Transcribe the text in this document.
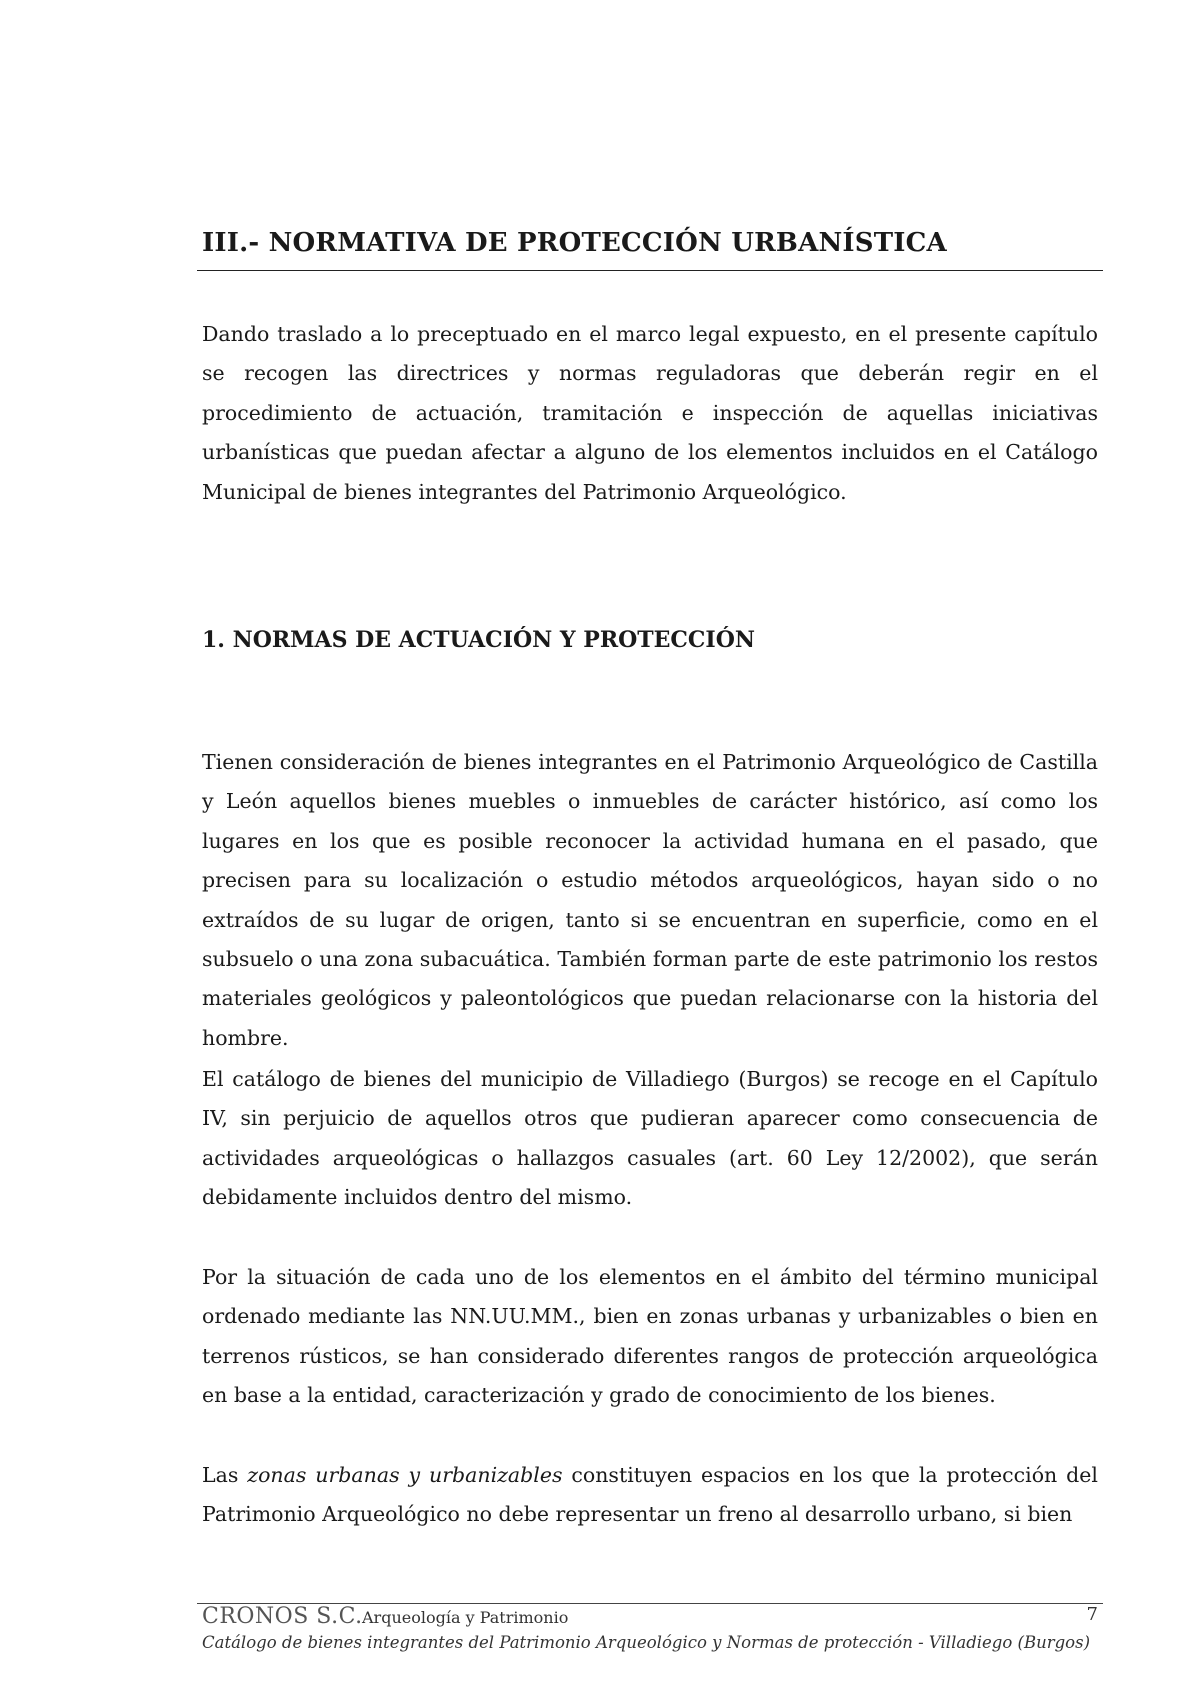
III.- NORMATIVA DE PROTECCIÓN URBANÍSTICA

Dando traslado a lo preceptuado en el marco legal expuesto, en el presente capítulo se recogen las directrices y normas reguladoras que deberán regir en el procedimiento de actuación, tramitación e inspección de aquellas iniciativas urbanísticas que puedan afectar a alguno de los elementos incluidos en el Catálogo Municipal de bienes integrantes del Patrimonio Arqueológico.

1. NORMAS DE ACTUACIÓN Y PROTECCIÓN

Tienen consideración de bienes integrantes en el Patrimonio Arqueológico de Castilla y León aquellos bienes muebles o inmuebles de carácter histórico, así como los lugares en los que es posible reconocer la actividad humana en el pasado, que precisen para su localización o estudio métodos arqueológicos, hayan sido o no extraídos de su lugar de origen, tanto si se encuentran en superficie, como en el subsuelo o una zona subacuática. También forman parte de este patrimonio los restos materiales geológicos y paleontológicos que puedan relacionarse con la historia del hombre.

El catálogo de bienes del municipio de Villadiego (Burgos) se recoge en el Capítulo IV, sin perjuicio de aquellos otros que pudieran aparecer como consecuencia de actividades arqueológicas o hallazgos casuales (art. 60 Ley 12/2002), que serán debidamente incluidos dentro del mismo.

Por la situación de cada uno de los elementos en el ámbito del término municipal ordenado mediante las NN.UU.MM., bien en zonas urbanas y urbanizables o bien en terrenos rústicos, se han considerado diferentes rangos de protección arqueológica en base a la entidad, caracterización y grado de conocimiento de los bienes.

Las zonas urbanas y urbanizables constituyen espacios en los que la protección del Patrimonio Arqueológico no debe representar un freno al desarrollo urbano, si bien

CRONOS S.C. Arqueología y Patrimonio	7
Catálogo de bienes integrantes del Patrimonio Arqueológico y Normas de protección - Villadiego (Burgos)
